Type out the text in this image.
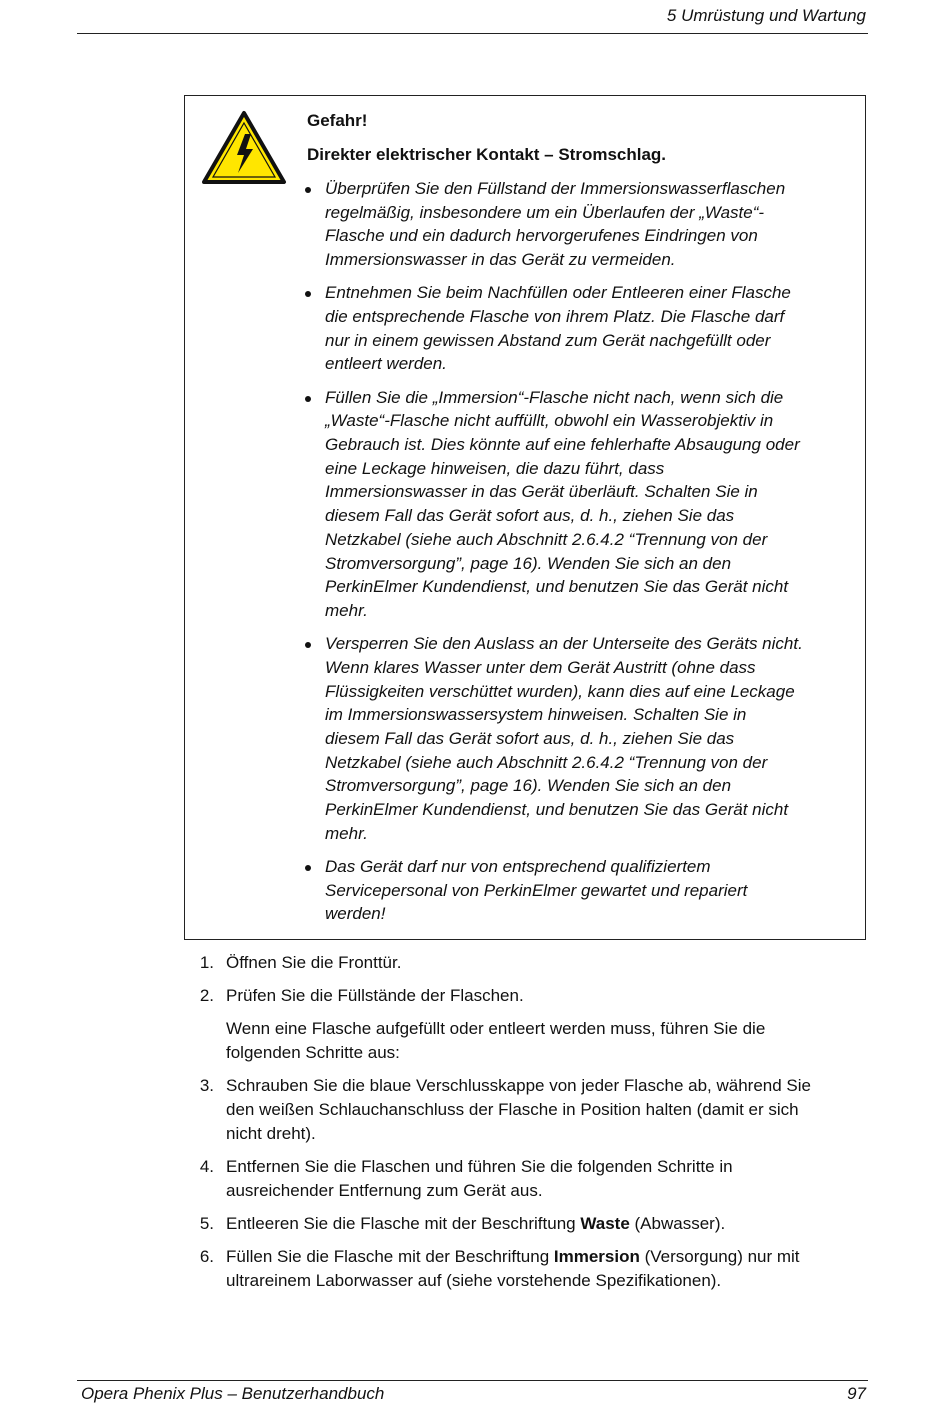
5 Umrüstung und Wartung
Gefahr!
Direkter elektrischer Kontakt – Stromschlag.
Überprüfen Sie den Füllstand der Immersionswasserflaschen
regelmäßig, insbesondere um ein Überlaufen der „Waste“-
Flasche und ein dadurch hervorgerufenes Eindringen von
Immersionswasser in das Gerät zu vermeiden.
Entnehmen Sie beim Nachfüllen oder Entleeren einer Flasche
die entsprechende Flasche von ihrem Platz. Die Flasche darf
nur in einem gewissen Abstand zum Gerät nachgefüllt oder
entleert werden.
Füllen Sie die „Immersion“-Flasche nicht nach, wenn sich die
„Waste“-Flasche nicht auffüllt, obwohl ein Wasserobjektiv in
Gebrauch ist. Dies könnte auf eine fehlerhafte Absaugung oder
eine Leckage hinweisen, die dazu führt, dass
Immersionswasser in das Gerät überläuft. Schalten Sie in
diesem Fall das Gerät sofort aus, d. h., ziehen Sie das
Netzkabel (siehe auch Abschnitt 2.6.4.2 “Trennung von der
Stromversorgung”, page 16). Wenden Sie sich an den
PerkinElmer Kundendienst, und benutzen Sie das Gerät nicht
mehr.
Versperren Sie den Auslass an der Unterseite des Geräts nicht.
Wenn klares Wasser unter dem Gerät Austritt (ohne dass
Flüssigkeiten verschüttet wurden), kann dies auf eine Leckage
im Immersionswassersystem hinweisen. Schalten Sie in
diesem Fall das Gerät sofort aus, d. h., ziehen Sie das
Netzkabel (siehe auch Abschnitt 2.6.4.2 “Trennung von der
Stromversorgung”, page 16). Wenden Sie sich an den
PerkinElmer Kundendienst, und benutzen Sie das Gerät nicht
mehr.
Das Gerät darf nur von entsprechend qualifiziertem
Servicepersonal von PerkinElmer gewartet und repariert
werden!
1. Öffnen Sie die Fronttür.
2. Prüfen Sie die Füllstände der Flaschen.
Wenn eine Flasche aufgefüllt oder entleert werden muss, führen Sie die
folgenden Schritte aus:
3. Schrauben Sie die blaue Verschlusskappe von jeder Flasche ab, während Sie
den weißen Schlauchanschluss der Flasche in Position halten (damit er sich
nicht dreht).
4. Entfernen Sie die Flaschen und führen Sie die folgenden Schritte in
ausreichender Entfernung zum Gerät aus.
5. Entleeren Sie die Flasche mit der Beschriftung Waste (Abwasser).
6. Füllen Sie die Flasche mit der Beschriftung Immersion (Versorgung) nur mit
ultrareinem Laborwasser auf (siehe vorstehende Spezifikationen).
Opera Phenix Plus – Benutzerhandbuch	97
